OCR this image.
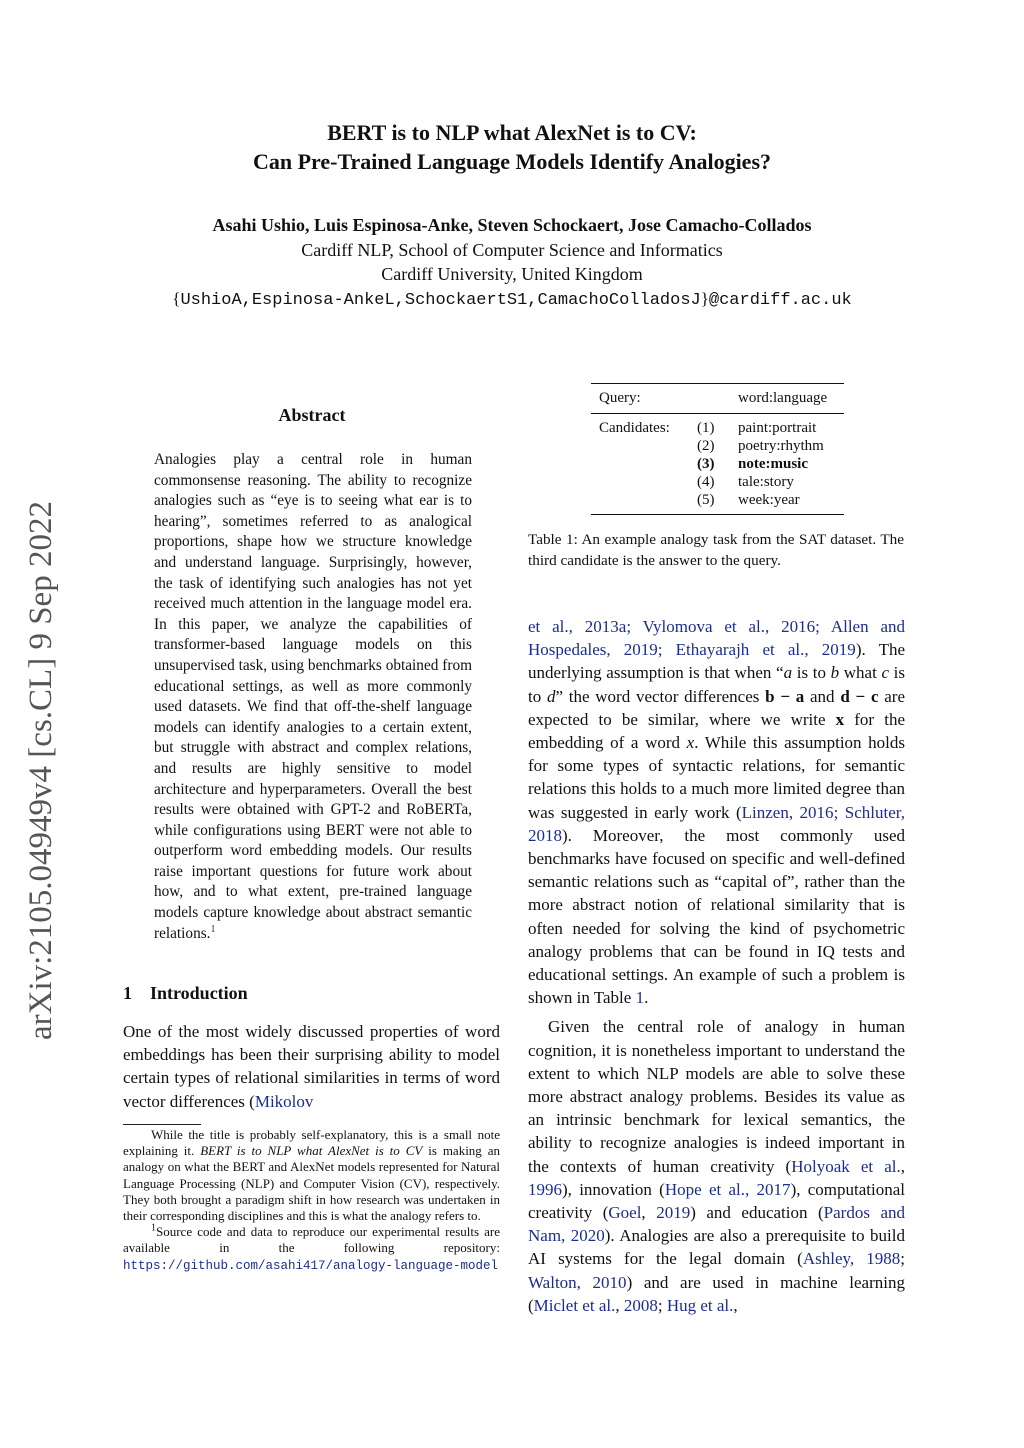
BERT is to NLP what AlexNet is to CV:
Can Pre-Trained Language Models Identify Analogies?
Asahi Ushio, Luis Espinosa-Anke, Steven Schockaert, Jose Camacho-Collados
Cardiff NLP, School of Computer Science and Informatics
Cardiff University, United Kingdom
{UshioA,Espinosa-AnkeL,SchockaertS1,CamachoColladosJ}@cardiff.ac.uk
arXiv:2105.04949v4 [cs.CL] 9 Sep 2022
Abstract
Analogies play a central role in human commonsense reasoning. The ability to recognize analogies such as “eye is to seeing what ear is to hearing”, sometimes referred to as analogical proportions, shape how we structure knowledge and understand language. Surprisingly, however, the task of identifying such analogies has not yet received much attention in the language model era. In this paper, we analyze the capabilities of transformer-based language models on this unsupervised task, using benchmarks obtained from educational settings, as well as more commonly used datasets. We find that off-the-shelf language models can identify analogies to a certain extent, but struggle with abstract and complex relations, and results are highly sensitive to model architecture and hyperparameters. Overall the best results were obtained with GPT-2 and RoBERTa, while configurations using BERT were not able to outperform word embedding models. Our results raise important questions for future work about how, and to what extent, pre-trained language models capture knowledge about abstract semantic relations.$^1$
1 Introduction
One of the most widely discussed properties of word embeddings has been their surprising ability to model certain types of relational similarities in terms of word vector differences (Mikolov

While the title is probably self-explanatory, this is a small note explaining it. BERT is to NLP what AlexNet is to CV is making an analogy on what the BERT and AlexNet models represented for Natural Language Processing (NLP) and Computer Vision (CV), respectively. They both brought a paradigm shift in how research was undertaken in their corresponding disciplines and this is what the analogy refers to.

$^1$Source code and data to reproduce our experimental results are available in the following repository: https://github.com/asahi417/analogy-language-model

Query:	word:language
Candidates:	(1)	paint:portrait
	(2)	poetry:rhythm
	(3)	note:music
	(4)	tale:story
	(5)	week:year
Table 1: An example analogy task from the SAT dataset. The third candidate is the answer to the query.

et al., 2013a; Vylomova et al., 2016; Allen and Hospedales, 2019; Ethayarajh et al., 2019). The underlying assumption is that when “a is to b what c is to d” the word vector differences b − a and d − c are expected to be similar, where we write x for the embedding of a word x. While this assumption holds for some types of syntactic relations, for semantic relations this holds to a much more limited degree than was suggested in early work (Linzen, 2016; Schluter, 2018). Moreover, the most commonly used benchmarks have focused on specific and well-defined semantic relations such as “capital of”, rather than the more abstract notion of relational similarity that is often needed for solving the kind of psychometric analogy problems that can be found in IQ tests and educational settings. An example of such a problem is shown in Table 1.

Given the central role of analogy in human cognition, it is nonetheless important to understand the extent to which NLP models are able to solve these more abstract analogy problems. Besides its value as an intrinsic benchmark for lexical semantics, the ability to recognize analogies is indeed important in the contexts of human creativity (Holyoak et al., 1996), innovation (Hope et al., 2017), computational creativity (Goel, 2019) and education (Pardos and Nam, 2020). Analogies are also a prerequisite to build AI systems for the legal domain (Ashley, 1988; Walton, 2010) and are used in machine learning (Miclet et al., 2008; Hug et al.,
